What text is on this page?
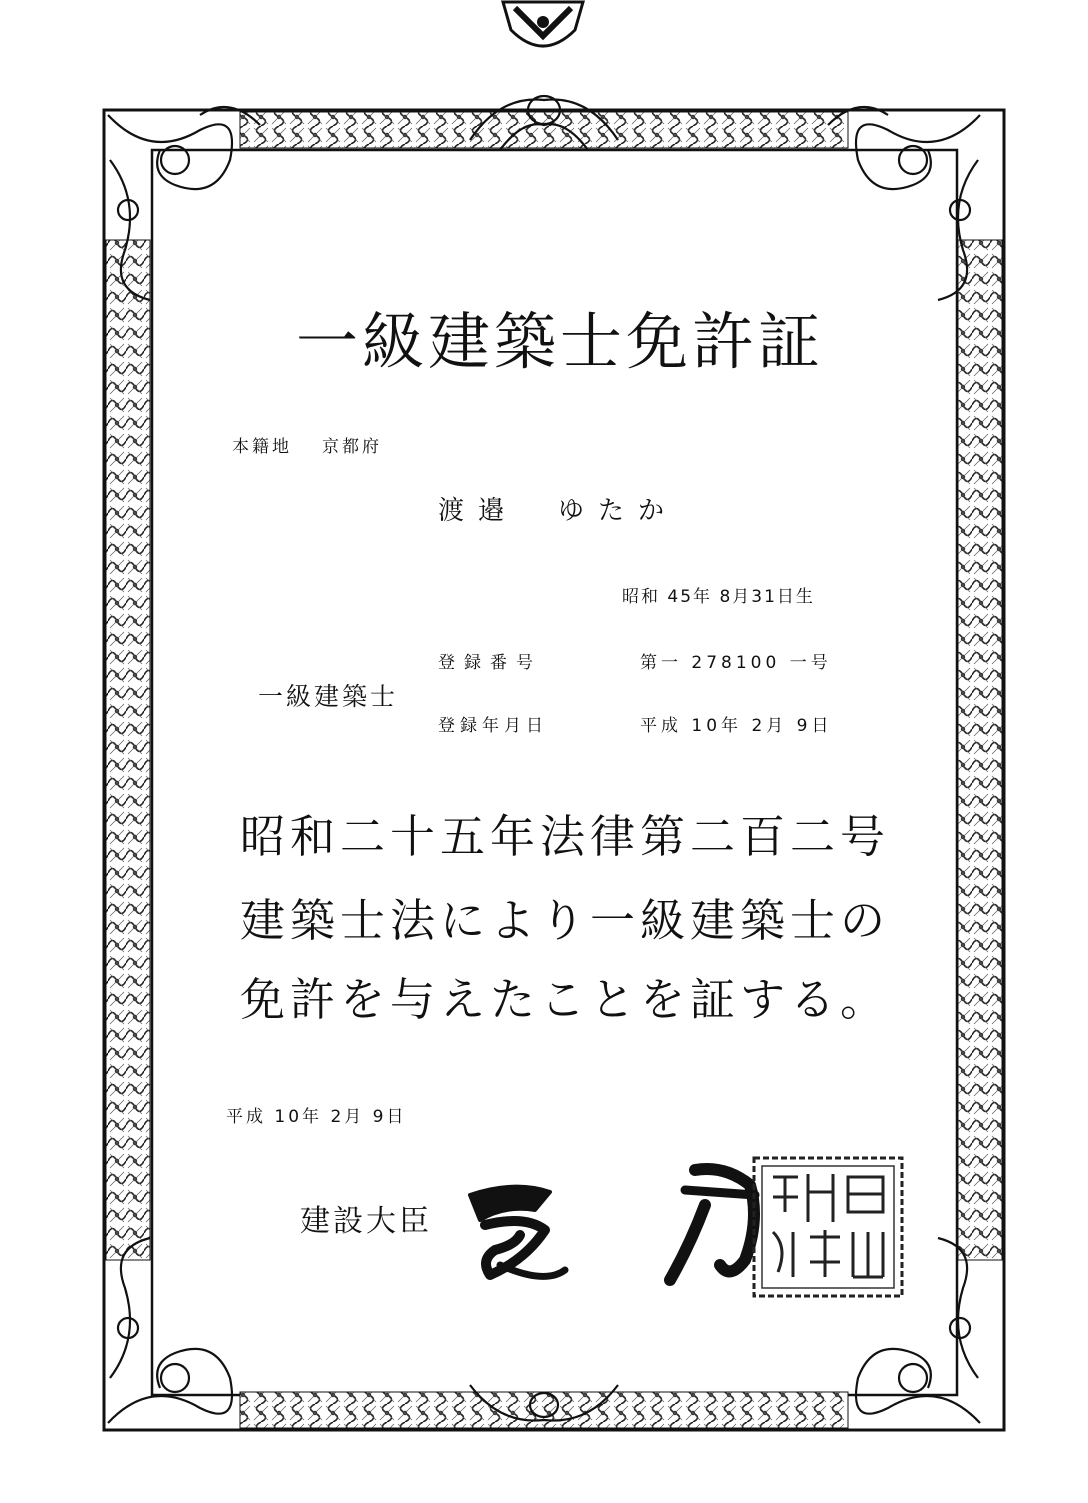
一級建築士免許証
本籍地 京都府
渡邉　ゆたか
昭和 45年 8月31日生
一級建築士
登録番号	第一 278100 一号
登録年月日	平成 10年 2月 9日
昭和二十五年法律第二百二号
建築士法により一級建築士の
免許を与えたことを証する。
平成 10年 2月 9日
建設大臣
